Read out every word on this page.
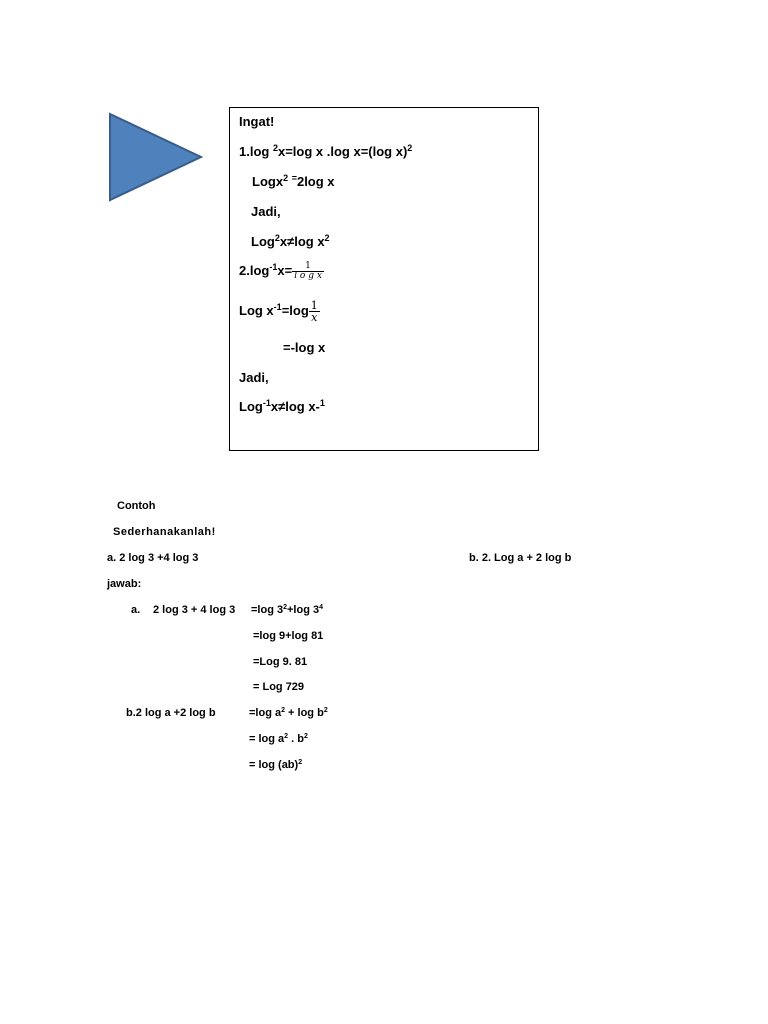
Ingat!
1.log $^2$x=log x .log x=(log x)$^2$
Logx$^2$ =2log x
Jadi,
Log$^2$x≠log $x^2$
$2.\log^{-1}x= \frac{1}{\text{l o g x}}$
Log $x^{-1}=\log \frac{1}{x}$
=-log x
Jadi,
Log$^{-1}$x≠log x-$^1$
Contoh
Sederhanakanlah!
a. 2 log 3 +4 log 3	b. 2. Log a + 2 log b
jawab:
a. 2 log 3 + 4 log 3 =log $3^2+\log$ $3^4$
=log 9+log 81
=Log 9. 81
= Log 729
b.2 log a +2 log b	=log $a^2 + \log b^2$
= $\log a^2$ . $b^2$
= log (ab)$^2$
